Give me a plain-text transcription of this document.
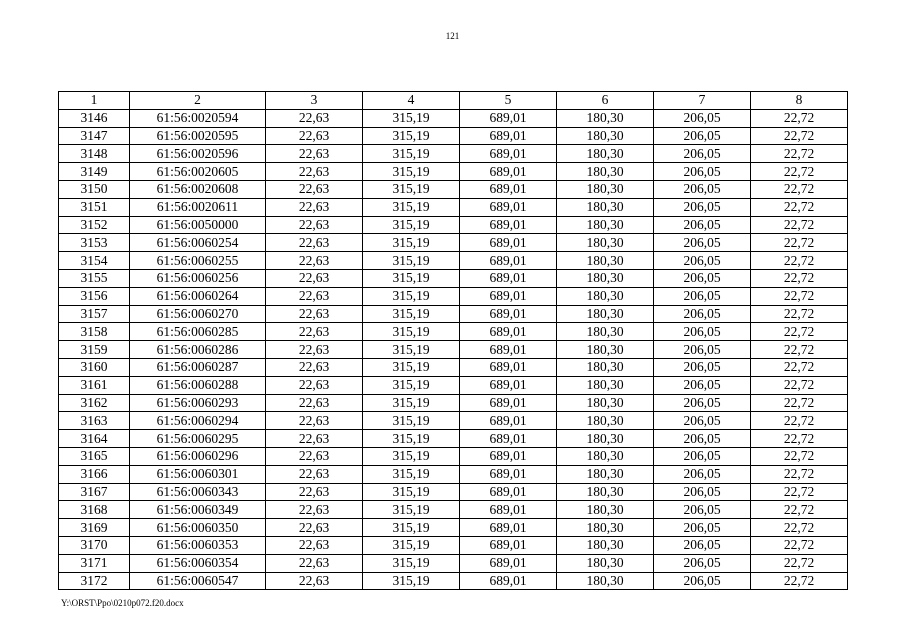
121
1	2	3	4	5	6	7	8
3146	61:56:0020594	22,63	315,19	689,01	180,30	206,05	22,72
3147	61:56:0020595	22,63	315,19	689,01	180,30	206,05	22,72
3148	61:56:0020596	22,63	315,19	689,01	180,30	206,05	22,72
3149	61:56:0020605	22,63	315,19	689,01	180,30	206,05	22,72
3150	61:56:0020608	22,63	315,19	689,01	180,30	206,05	22,72
3151	61:56:0020611	22,63	315,19	689,01	180,30	206,05	22,72
3152	61:56:0050000	22,63	315,19	689,01	180,30	206,05	22,72
3153	61:56:0060254	22,63	315,19	689,01	180,30	206,05	22,72
3154	61:56:0060255	22,63	315,19	689,01	180,30	206,05	22,72
3155	61:56:0060256	22,63	315,19	689,01	180,30	206,05	22,72
3156	61:56:0060264	22,63	315,19	689,01	180,30	206,05	22,72
3157	61:56:0060270	22,63	315,19	689,01	180,30	206,05	22,72
3158	61:56:0060285	22,63	315,19	689,01	180,30	206,05	22,72
3159	61:56:0060286	22,63	315,19	689,01	180,30	206,05	22,72
3160	61:56:0060287	22,63	315,19	689,01	180,30	206,05	22,72
3161	61:56:0060288	22,63	315,19	689,01	180,30	206,05	22,72
3162	61:56:0060293	22,63	315,19	689,01	180,30	206,05	22,72
3163	61:56:0060294	22,63	315,19	689,01	180,30	206,05	22,72
3164	61:56:0060295	22,63	315,19	689,01	180,30	206,05	22,72
3165	61:56:0060296	22,63	315,19	689,01	180,30	206,05	22,72
3166	61:56:0060301	22,63	315,19	689,01	180,30	206,05	22,72
3167	61:56:0060343	22,63	315,19	689,01	180,30	206,05	22,72
3168	61:56:0060349	22,63	315,19	689,01	180,30	206,05	22,72
3169	61:56:0060350	22,63	315,19	689,01	180,30	206,05	22,72
3170	61:56:0060353	22,63	315,19	689,01	180,30	206,05	22,72
3171	61:56:0060354	22,63	315,19	689,01	180,30	206,05	22,72
3172	61:56:0060547	22,63	315,19	689,01	180,30	206,05	22,72
Y:\ORST\Ppo\0210p072.f20.docx
